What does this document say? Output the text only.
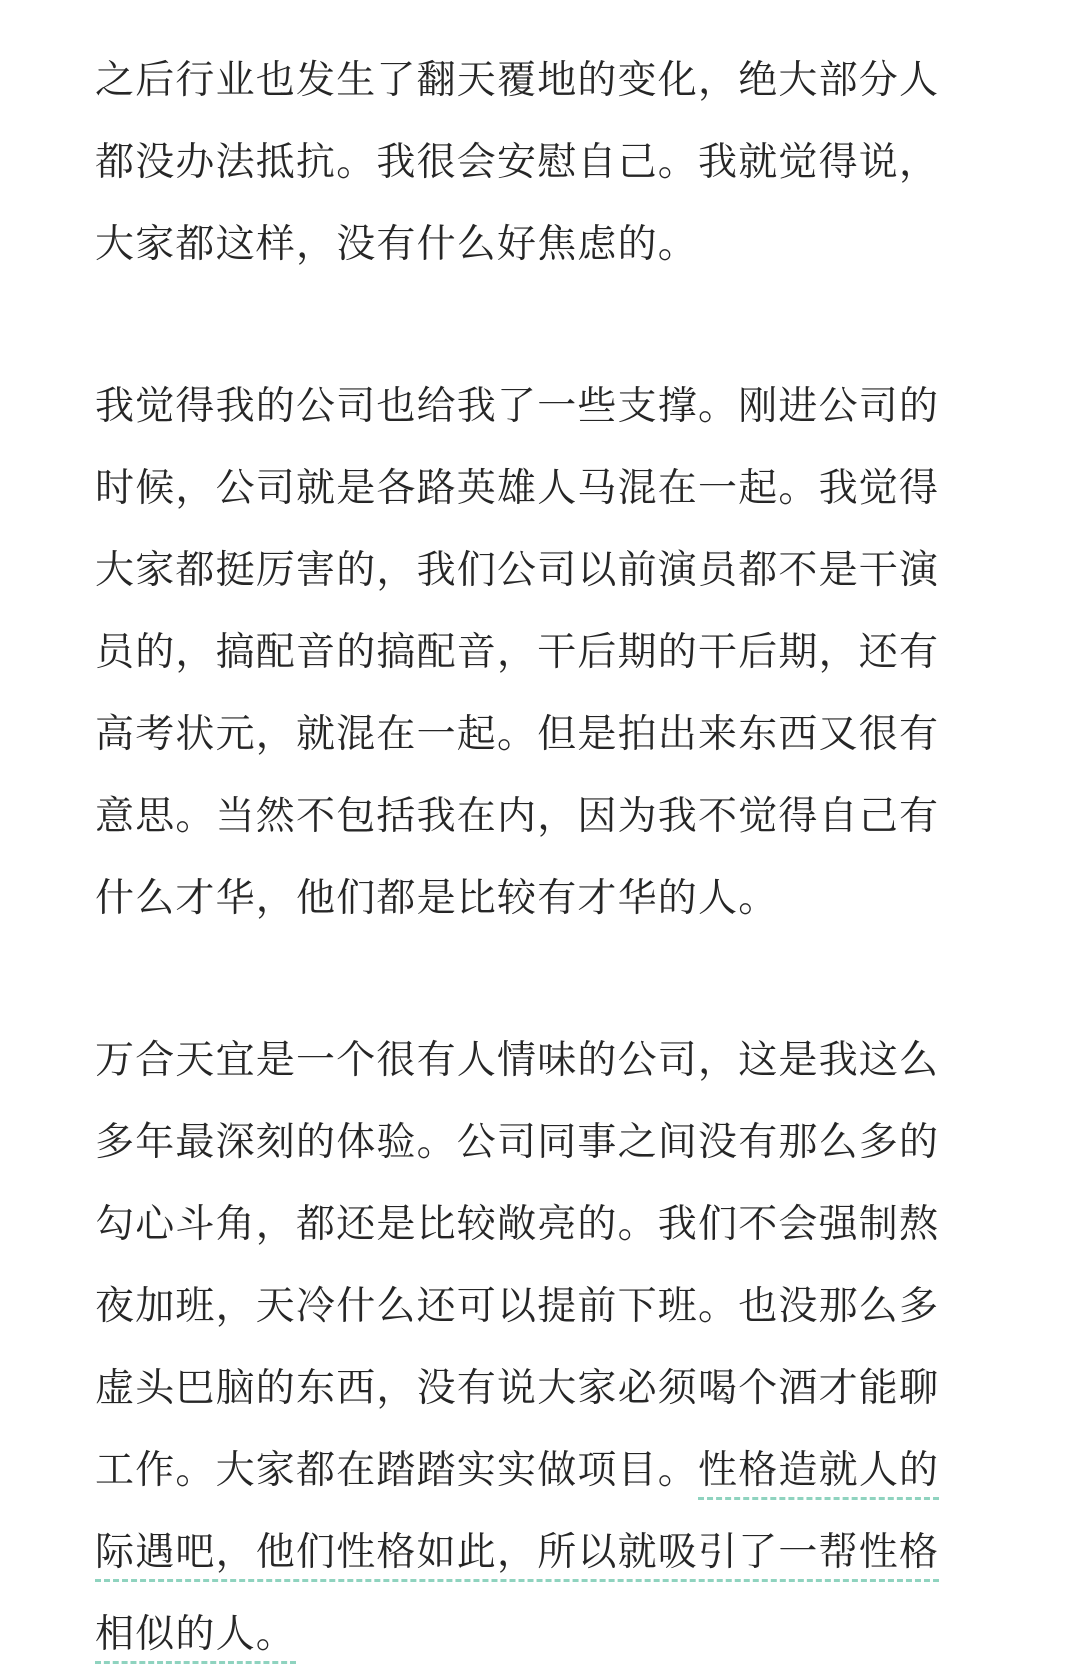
之后行业也发生了翻天覆地的变化，绝大部分人
都没办法抵抗。我很会安慰自己。我就觉得说，
大家都这样，没有什么好焦虑的。
我觉得我的公司也给我了一些支撑。刚进公司的
时候，公司就是各路英雄人马混在一起。我觉得
大家都挺厉害的，我们公司以前演员都不是干演
员的，搞配音的搞配音，干后期的干后期，还有
高考状元，就混在一起。但是拍出来东西又很有
意思。当然不包括我在内，因为我不觉得自己有
什么才华，他们都是比较有才华的人。
万合天宜是一个很有人情味的公司，这是我这么
多年最深刻的体验。公司同事之间没有那么多的
勾心斗角，都还是比较敞亮的。我们不会强制熬
夜加班，天冷什么还可以提前下班。也没那么多
虚头巴脑的东西，没有说大家必须喝个酒才能聊
工作。大家都在踏踏实实做项目。性格造就人的
际遇吧，他们性格如此，所以就吸引了一帮性格
相似的人。
